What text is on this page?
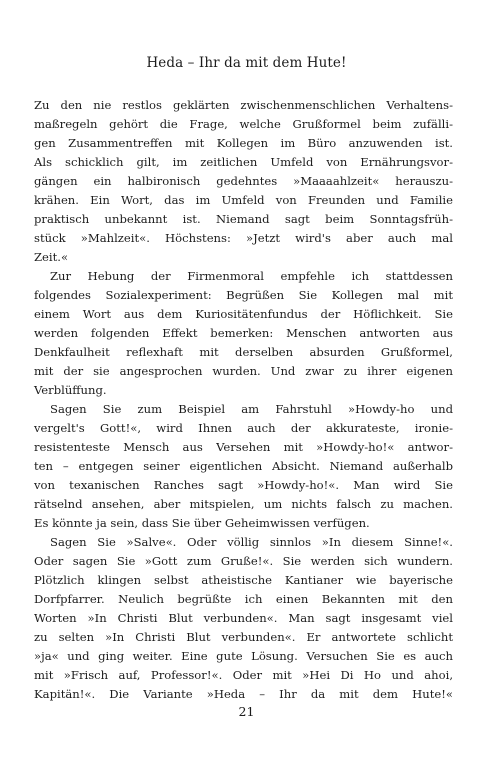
Heda – Ihr da mit dem Hute!
Zu den nie restlos geklärten zwischenmenschlichen Verhaltens-
maßregeln gehört die Frage, welche Grußformel beim zufälli-
gen Zusammentreffen mit Kollegen im Büro anzuwenden ist.
Als schicklich gilt, im zeitlichen Umfeld von Ernährungsvor-
gängen ein halbironisch gedehntes »Maaaahlzeit« herauszu-
krähen. Ein Wort, das im Umfeld von Freunden und Familie
praktisch unbekannt ist. Niemand sagt beim Sonntagsfrüh-
stück »Mahlzeit«. Höchstens: »Jetzt wird's aber auch mal
Zeit.«
Zur Hebung der Firmenmoral empfehle ich stattdessen
folgendes Sozialexperiment: Begrüßen Sie Kollegen mal mit
einem Wort aus dem Kuriositätenfundus der Höflichkeit. Sie
werden folgenden Effekt bemerken: Menschen antworten aus
Denkfaulheit reflexhaft mit derselben absurden Grußformel,
mit der sie angesprochen wurden. Und zwar zu ihrer eigenen
Verblüffung.
Sagen Sie zum Beispiel am Fahrstuhl »Howdy-ho und
vergelt's Gott!«, wird Ihnen auch der akkurateste, ironie-
resistenteste Mensch aus Versehen mit »Howdy-ho!« antwor-
ten – entgegen seiner eigentlichen Absicht. Niemand außerhalb
von texanischen Ranches sagt »Howdy-ho!«. Man wird Sie
rätselnd ansehen, aber mitspielen, um nichts falsch zu machen.
Es könnte ja sein, dass Sie über Geheimwissen verfügen.
Sagen Sie »Salve«. Oder völlig sinnlos »In diesem Sinne!«.
Oder sagen Sie »Gott zum Gruße!«. Sie werden sich wundern.
Plötzlich klingen selbst atheistische Kantianer wie bayerische
Dorfpfarrer. Neulich begrüßte ich einen Bekannten mit den
Worten »In Christi Blut verbunden«. Man sagt insgesamt viel
zu selten »In Christi Blut verbunden«. Er antwortete schlicht
»ja« und ging weiter. Eine gute Lösung. Versuchen Sie es auch
mit »Frisch auf, Professor!«. Oder mit »Hei Di Ho und ahoi,
Kapitän!«. Die Variante »Heda – Ihr da mit dem Hute!«
21
